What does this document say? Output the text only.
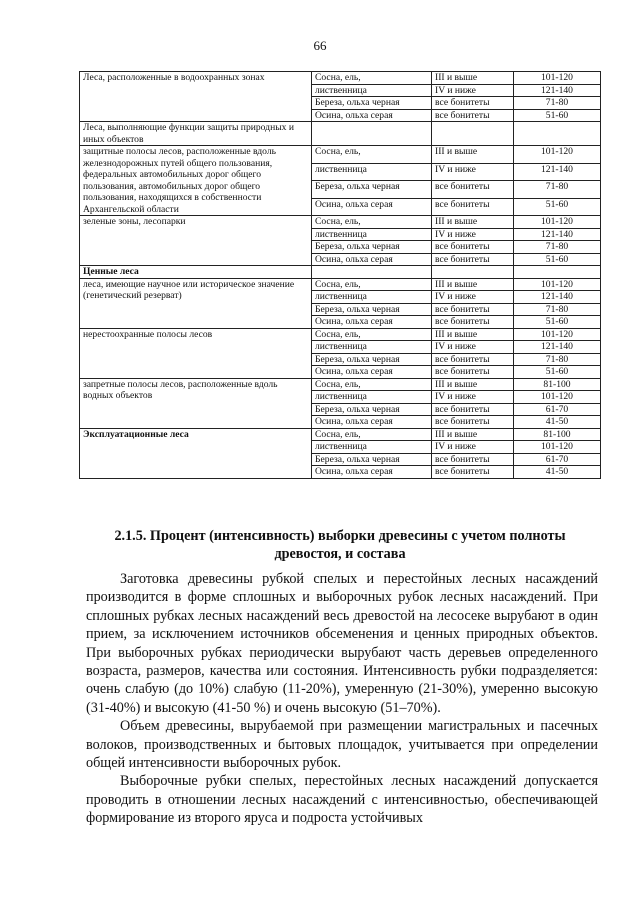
66
Леса, расположенные в водоохранных зонах	Сосна, ель,	III и выше	101-120
	лиственница	IV и ниже	121-140
	Береза, ольха черная	все бонитеты	71-80
	Осина, ольха серая	все бонитеты	51-60
Леса, выполняющие функции защиты природных и иных объектов			
защитные полосы лесов, расположенные вдоль железнодорожных путей общего пользования, федеральных автомобильных дорог общего пользования, автомобильных дорог общего пользования, находящихся в собственности Архангельской области	Сосна, ель,	III и выше	101-120
	лиственница	IV и ниже	121-140
	Береза, ольха черная	все бонитеты	71-80
	Осина, ольха серая	все бонитеты	51-60
зеленые зоны, лесопарки	Сосна, ель,	III и выше	101-120
	лиственница	IV и ниже	121-140
	Береза, ольха черная	все бонитеты	71-80
	Осина, ольха серая	все бонитеты	51-60
Ценные леса			
леса, имеющие научное или историческое значение (генетический резерват)	Сосна, ель,	III и выше	101-120
	лиственница	IV и ниже	121-140
	Береза, ольха черная	все бонитеты	71-80
	Осина, ольха серая	все бонитеты	51-60
нерестоохранные полосы лесов	Сосна, ель,	III и выше	101-120
	лиственница	IV и ниже	121-140
	Береза, ольха черная	все бонитеты	71-80
	Осина, ольха серая	все бонитеты	51-60
запретные полосы лесов, расположенные вдоль водных объектов	Сосна, ель,	III и выше	81-100
	лиственница	IV и ниже	101-120
	Береза, ольха черная	все бонитеты	61-70
	Осина, ольха серая	все бонитеты	41-50
Эксплуатационные леса	Сосна, ель,	III и выше	81-100
	лиственница	IV и ниже	101-120
	Береза, ольха черная	все бонитеты	61-70
	Осина, ольха серая	все бонитеты	41-50
2.1.5. Процент (интенсивность) выборки древесины с учетом полноты древостоя, и состава

Заготовка древесины рубкой спелых и перестойных лесных насаждений производится в форме сплошных и выборочных рубок лесных насаждений. При сплошных рубках лесных насаждений весь древостой на лесосеке вырубают в один прием, за исключением источников обсеменения и ценных природных объектов. При выборочных рубках периодически вырубают часть деревьев определенного возраста, размеров, качества или состояния. Интенсивность рубки подразделяется: очень слабую (до 10%) слабую (11-20%), умеренную (21-30%), умеренно высокую (31-40%) и высокую (41-50 %) и очень высокую (51–70%).

Объем древесины, вырубаемой при размещении магистральных и пасечных волоков, производственных и бытовых площадок, учитывается при определении общей интенсивности выборочных рубок.

Выборочные рубки спелых, перестойных лесных насаждений допускается проводить в отношении лесных насаждений с интенсивностью, обеспечивающей формирование из второго яруса и подроста устойчивых
